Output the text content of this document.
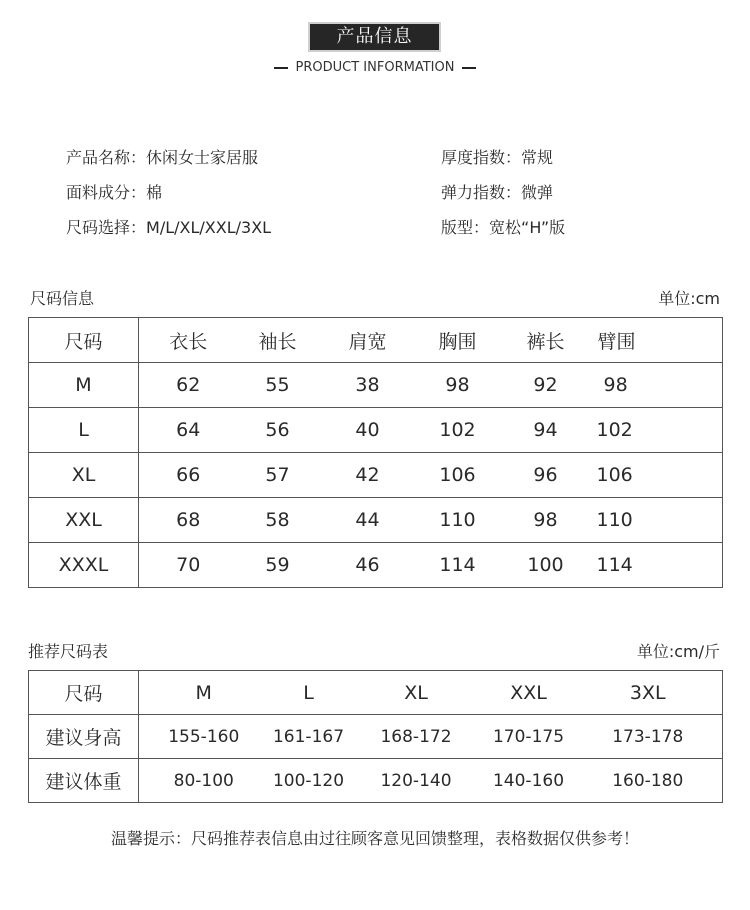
产品信息
PRODUCT INFORMATION
产品名称：休闲女士家居服
面料成分：棉
尺码选择：M/L/XL/XXL/3XL
厚度指数：常规
弹力指数：微弹
版型：宽松“H”版
尺码信息	单位:cm
尺码	衣长	袖长	肩宽	胸围	裤长	臂围
M	62	55	38	98	92	98
L	64	56	40	102	94	102
XL	66	57	42	106	96	106
XXL	68	58	44	110	98	110
XXXL	70	59	46	114	100	114
推荐尺码表	单位:cm/斤
尺码	M	L	XL	XXL	3XL
建议身高	155-160	161-167	168-172	170-175	173-178
建议体重	80-100	100-120	120-140	140-160	160-180
温馨提示：尺码推荐表信息由过往顾客意见回馈整理，表格数据仅供参考！
